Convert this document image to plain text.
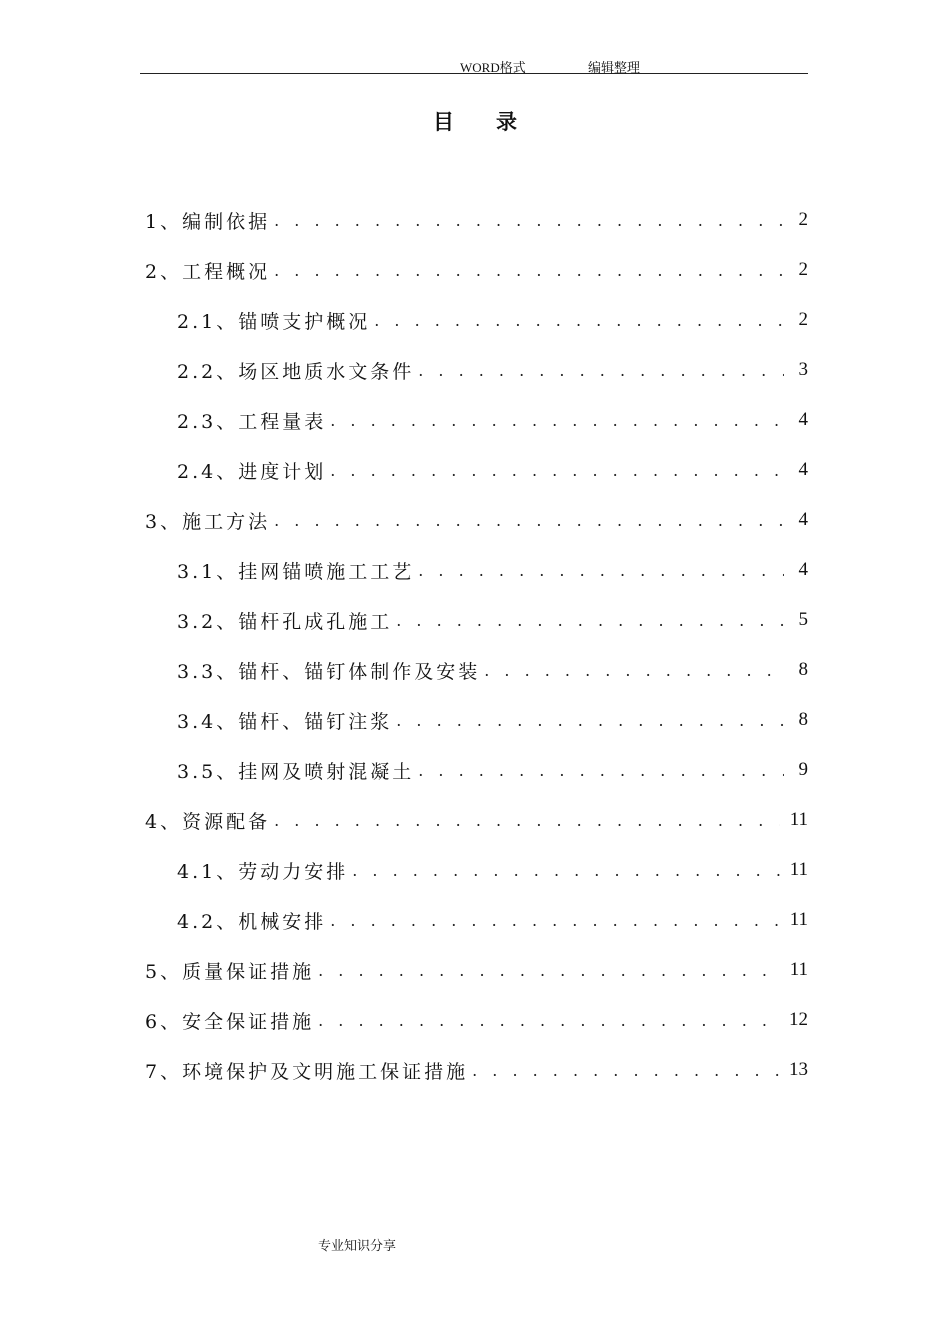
WORD格式	编辑整理
目录
1、编制依据 . . .	2
2、工程概况 . . .	2
2.1、锚喷支护概况 . . .	2
2.2、场区地质水文条件 . . .	3
2.3、工程量表 . . .	4
2.4、进度计划 . . .	4
3、施工方法 . . .	4
3.1、挂网锚喷施工工艺 . . .	4
3.2、锚杆孔成孔施工 . . .	5
3.3、锚杆、锚钉体制作及安装 . . .	8
3.4、锚杆、锚钉注浆 . . .	8
3.5、挂网及喷射混凝土 . . .	9
4、资源配备 . . .	11
4.1、劳动力安排 . . .	11
4.2、机械安排 . . .	11
5、质量保证措施 . . .	11
6、安全保证措施 . . .	12
7、环境保护及文明施工保证措施 . . .	13
专业知识分享
